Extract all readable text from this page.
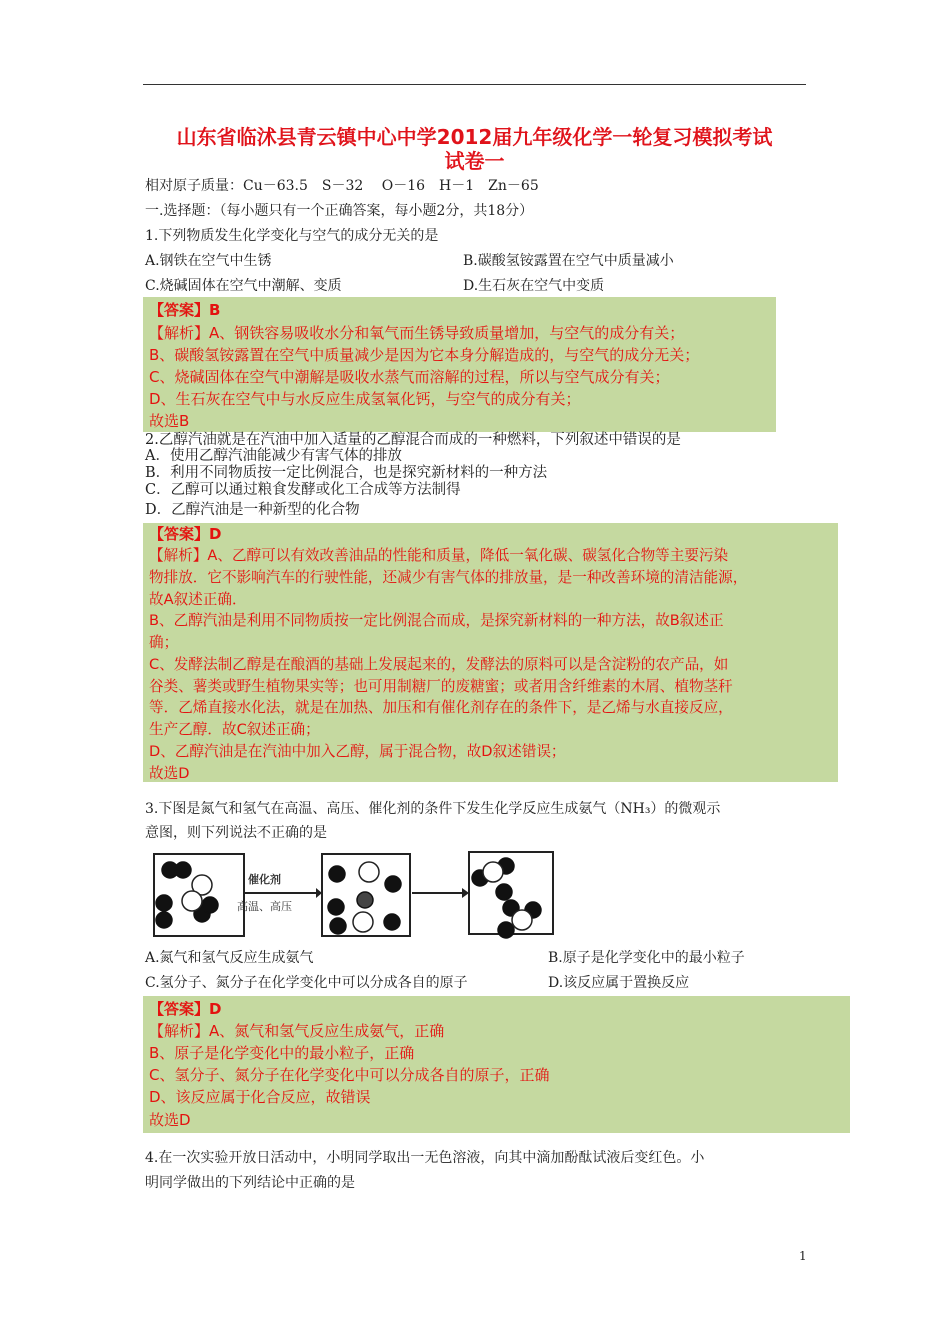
山东省临沭县青云镇中心中学2012届九年级化学一轮复习模拟考试
试卷一
相对原子质量：Cu－63.5　S－32　 O－16　H－1　Zn－65
一.选择题：（每小题只有一个正确答案，每小题2分，共18分）
1.下列物质发生化学变化与空气的成分无关的是
A.钢铁在空气中生锈	B.碳酸氢铵露置在空气中质量减小
C.烧碱固体在空气中潮解、变质	D.生石灰在空气中变质
【答案】B
【解析】A、钢铁容易吸收水分和氧气而生锈导致质量增加，与空气的成分有关；
B、碳酸氢铵露置在空气中质量减少是因为它本身分解造成的，与空气的成分无关；
C、烧碱固体在空气中潮解是吸收水蒸气而溶解的过程，所以与空气成分有关；
D、生石灰在空气中与水反应生成氢氧化钙，与空气的成分有关；
故选B
2.乙醇汽油就是在汽油中加入适量的乙醇混合而成的一种燃料，下列叙述中错误的是
A．使用乙醇汽油能减少有害气体的排放
B．利用不同物质按一定比例混合，也是探究新材料的一种方法
C．乙醇可以通过粮食发酵或化工合成等方法制得
D．乙醇汽油是一种新型的化合物
【答案】D
【解析】A、乙醇可以有效改善油品的性能和质量，降低一氧化碳、碳氢化合物等主要污染
物排放．它不影响汽车的行驶性能，还减少有害气体的排放量，是一种改善环境的清洁能源，
故A叙述正确．
B、乙醇汽油是利用不同物质按一定比例混合而成，是探究新材料的一种方法，故B叙述正
确；
C、发酵法制乙醇是在酿酒的基础上发展起来的，发酵法的原料可以是含淀粉的农产品，如
谷类、薯类或野生植物果实等；也可用制糖厂的废糖蜜；或者用含纤维素的木屑、植物茎秆
等．乙烯直接水化法，就是在加热、加压和有催化剂存在的条件下，是乙烯与水直接反应，
生产乙醇．故C叙述正确；
D、乙醇汽油是在汽油中加入乙醇，属于混合物，故D叙述错误；
故选D
3.下图是氮气和氢气在高温、高压、催化剂的条件下发生化学反应生成氨气（NH₃）的微观示
意图，则下列说法不正确的是
催化剂
高温、高压
A.氮气和氢气反应生成氨气	B.原子是化学变化中的最小粒子
C.氢分子、氮分子在化学变化中可以分成各自的原子	D.该反应属于置换反应
【答案】D
【解析】A、氮气和氢气反应生成氨气，正确
B、原子是化学变化中的最小粒子，正确
C、氢分子、氮分子在化学变化中可以分成各自的原子，正确
D、该反应属于化合反应，故错误
故选D
4.在一次实验开放日活动中，小明同学取出一无色溶液，向其中滴加酚酞试液后变红色。小
明同学做出的下列结论中正确的是
1
